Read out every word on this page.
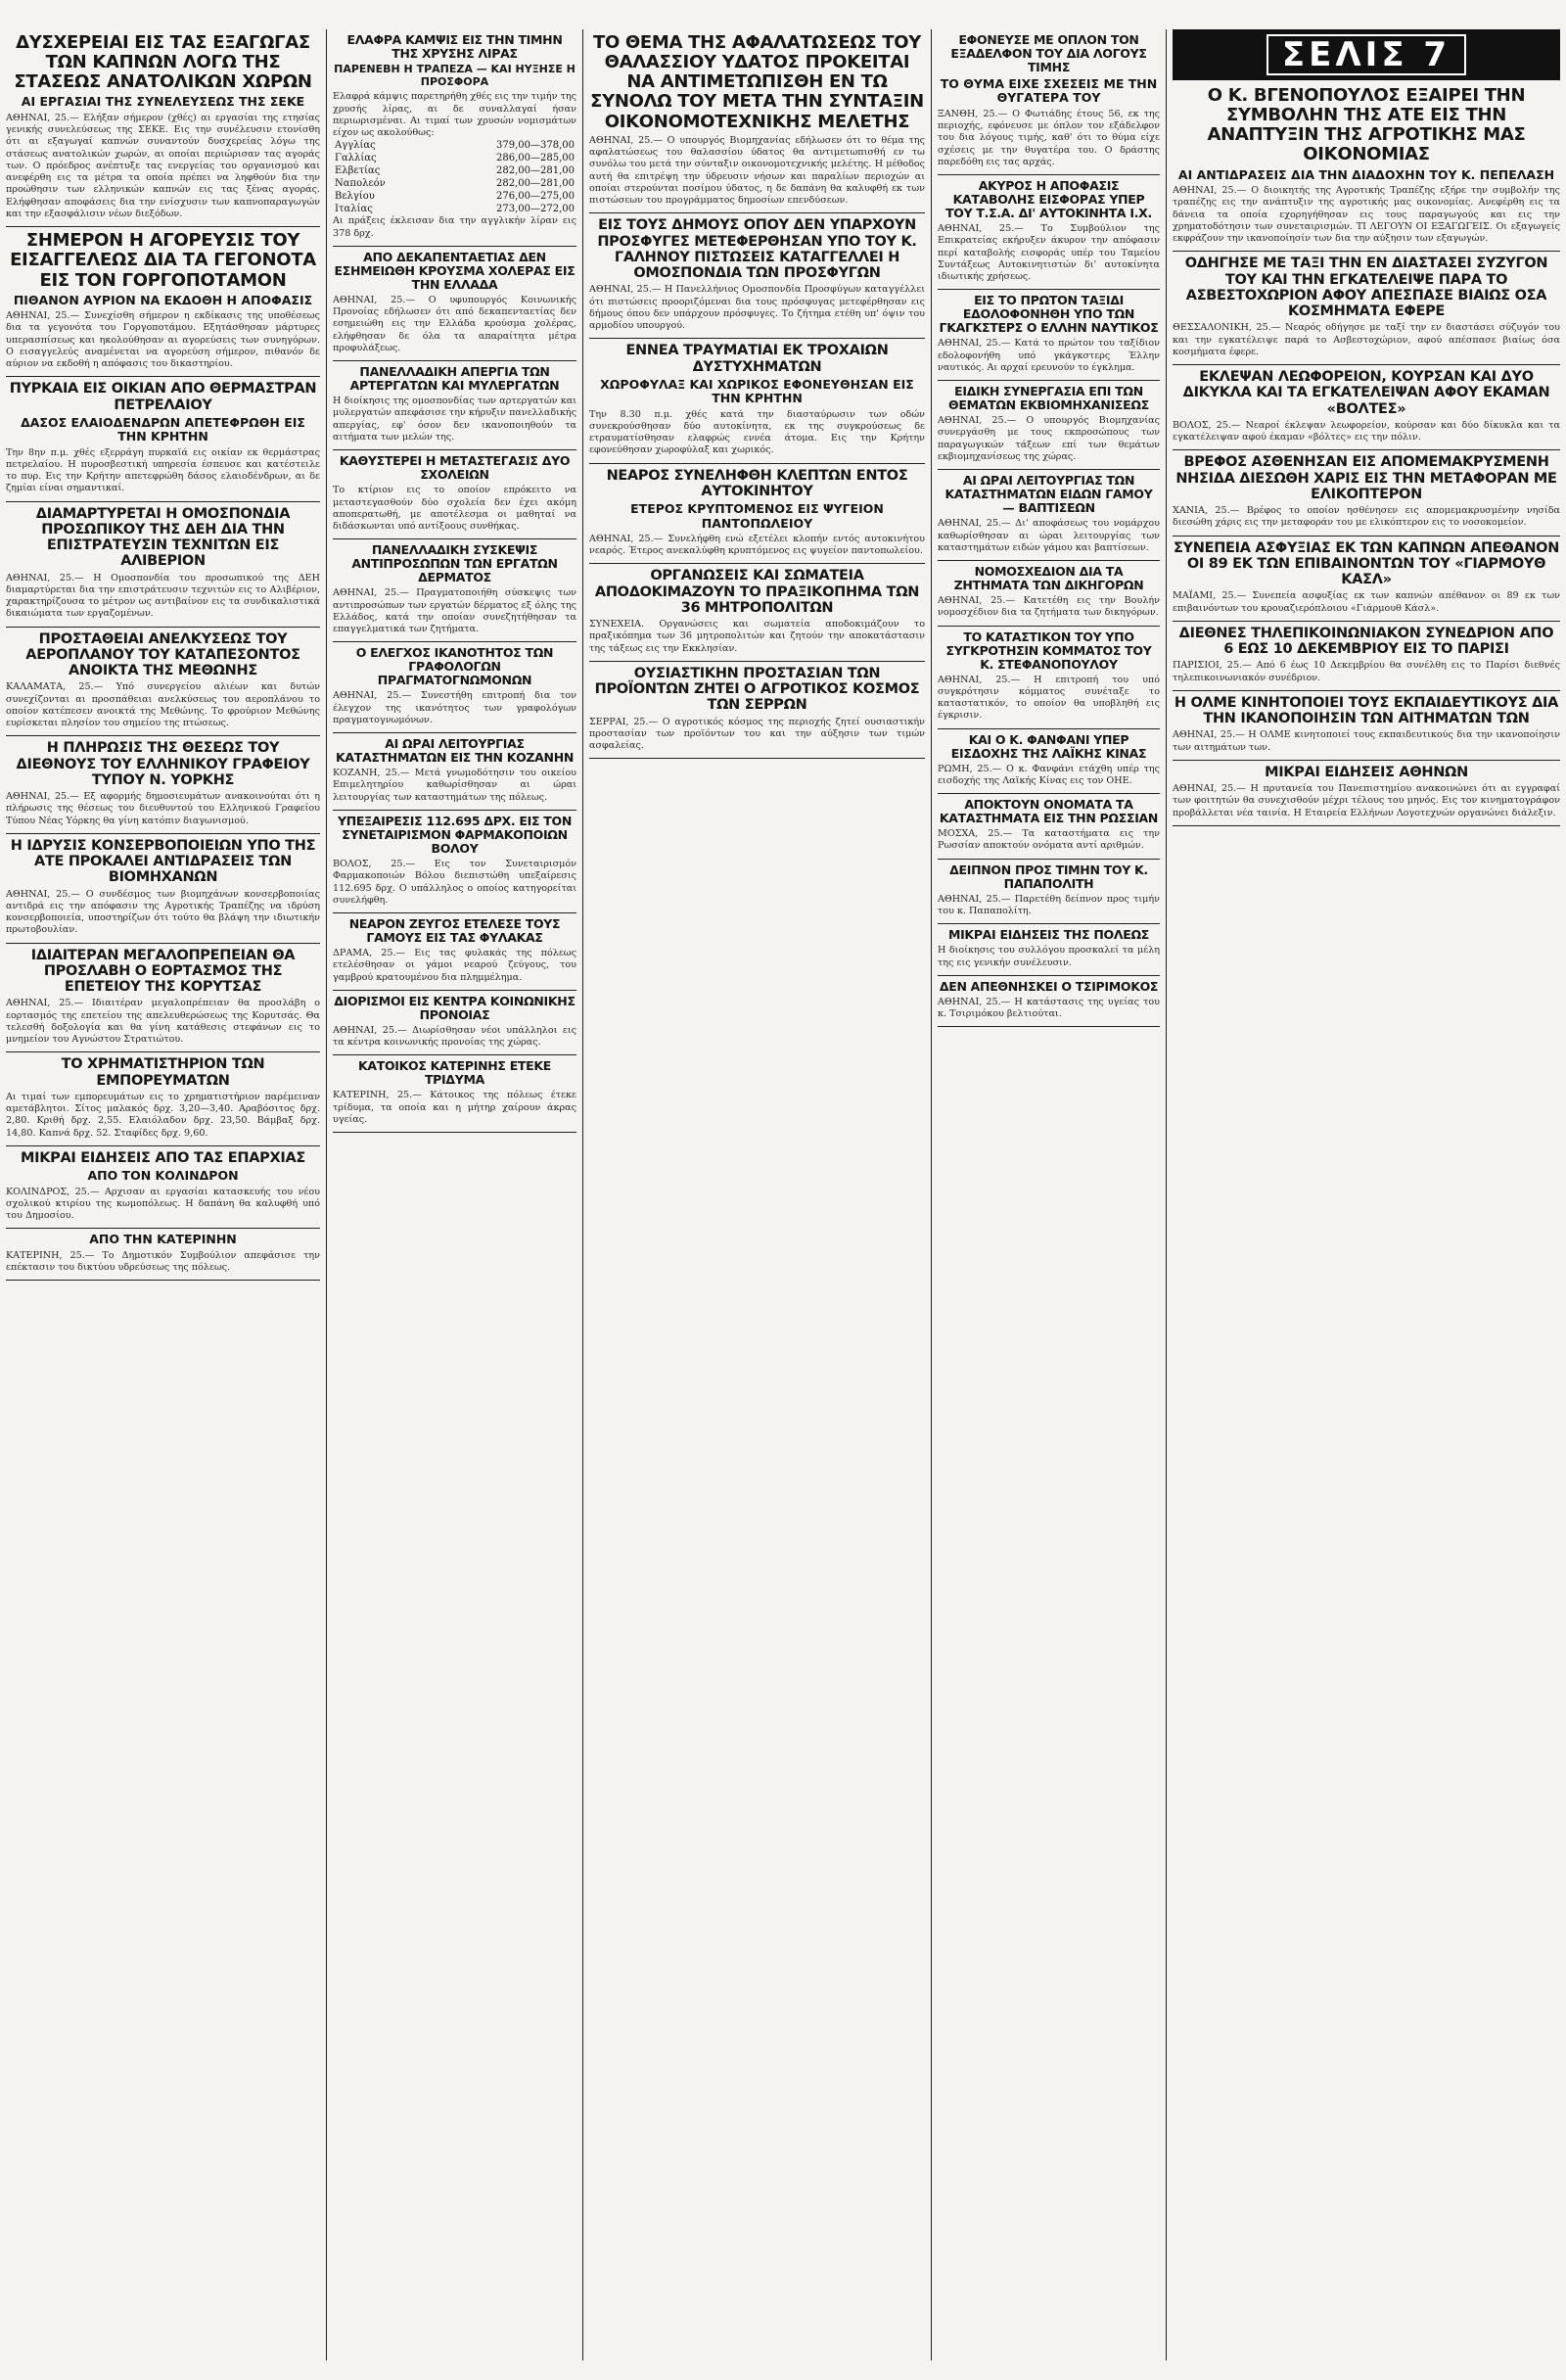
ΔΥΣΧΕΡΕΙΑΙ ΕΙΣ ΤΑΣ ΕΞΑΓΩΓΑΣ ΤΩΝ ΚΑΠΝΩΝ ΛΟΓΩ ΤΗΣ ΣΤΑΣΕΩΣ ΑΝΑΤΟΛΙΚΩΝ ΧΩΡΩΝ
ΑΙ ΕΡΓΑΣΙΑΙ ΤΗΣ ΣΥΝΕΛΕΥΣΕΩΣ ΤΗΣ ΣΕΚΕ

ΑΘΗΝΑΙ, 25.— Ελήξαν σήμερον (χθές) αι εργασίαι της ετησίας γενικής συνελεύσεως της ΣΕΚΕ. Εις την συνέλευσιν ετονίσθη ότι αι εξαγωγαί καπνών συναντούν δυσχερείας λόγω της στάσεως ανατολικών χωρών, αι οποίαι περιώρισαν τας αγοράς των. Ο πρόεδρος ανέπτυξε τας ενεργείας του οργανισμού και ανεφέρθη εις τα μέτρα τα οποία πρέπει να ληφθούν δια την προώθησιν των ελληνικών καπνών εις τας ξένας αγοράς. Ελήφθησαν αποφάσεις δια την ενίσχυσιν των καπνοπαραγωγών και την εξασφάλισιν νέων διεξόδων.

ΣΗΜΕΡΟΝ Η ΑΓΟΡΕΥΣΙΣ ΤΟΥ ΕΙΣΑΓΓΕΛΕΩΣ ΔΙΑ ΤΑ ΓΕΓΟΝΟΤΑ ΕΙΣ ΤΟΝ ΓΟΡΓΟΠΟΤΑΜΟΝ
ΠΙΘΑΝΟΝ ΑΥΡΙΟΝ ΝΑ ΕΚΔΟΘΗ Η ΑΠΟΦΑΣΙΣ

ΑΘΗΝΑΙ, 25.— Συνεχίσθη σήμερον η εκδίκασις της υποθέσεως δια τα γεγονότα του Γοργοποτάμου. Εξητάσθησαν μάρτυρες υπερασπίσεως και ηκολούθησαν αι αγορεύσεις των συνηγόρων. Ο εισαγγελεύς αναμένεται να αγορεύση σήμερον, πιθανόν δε αύριον να εκδοθή η απόφασις του δικαστηρίου.

ΠΥΡΚΑΙΑ ΕΙΣ ΟΙΚΙΑΝ ΑΠΟ ΘΕΡΜΑΣΤΡΑΝ ΠΕΤΡΕΛΑΙΟΥ
ΔΑΣΟΣ ΕΛΑΙΟΔΕΝΔΡΩΝ ΑΠΕΤΕΦΡΩΘΗ ΕΙΣ ΤΗΝ ΚΡΗΤΗΝ

Την 8ην π.μ. χθές εξερράγη πυρκαϊά εις οικίαν εκ θερμάστρας πετρελαίου. Η πυροσβεστική υπηρεσία έσπευσε και κατέστειλε το πυρ. Εις την Κρήτην απετεφρώθη δάσος ελαιοδένδρων, αι δε ζημίαι είναι σημαντικαί.

ΔΙΑΜΑΡΤΥΡΕΤΑΙ Η ΟΜΟΣΠΟΝΔΙΑ ΠΡΟΣΩΠΙΚΟΥ ΤΗΣ ΔΕΗ ΔΙΑ ΤΗΝ ΕΠΙΣΤΡΑΤΕΥΣΙΝ ΤΕΧΝΙΤΩΝ ΕΙΣ ΑΛΙΒΕΡΙΟΝ

ΑΘΗΝΑΙ, 25.— Η Ομοσπονδία του προσωπικού της ΔΕΗ διαμαρτύρεται δια την επιστράτευσιν τεχνιτών εις το Αλιβέριον, χαρακτηρίζουσα το μέτρον ως αντιβαίνον εις τα συνδικαλιστικά δικαιώματα των εργαζομένων.

ΠΡΟΣΤΑΘΕΙΑΙ ΑΝΕΛΚΥΣΕΩΣ ΤΟΥ ΑΕΡΟΠΛΑΝΟΥ ΤΟΥ ΚΑΤΑΠΕΣΟΝΤΟΣ ΑΝΟΙΚΤΑ ΤΗΣ ΜΕΘΩΝΗΣ

ΚΑΛΑΜΑΤΑ, 25.— Υπό συνεργείου αλιέων και δυτών συνεχίζονται αι προσπάθειαι ανελκύσεως του αεροπλάνου το οποίον κατέπεσεν ανοικτά της Μεθώνης. Το φρούριον Μεθώνης ευρίσκεται πλησίον του σημείου της πτώσεως.

Η ΠΛΗΡΩΣΙΣ ΤΗΣ ΘΕΣΕΩΣ ΤΟΥ ΔΙΕΘΝΟΥΣ ΤΟΥ ΕΛΛΗΝΙΚΟΥ ΓΡΑΦΕΙΟΥ ΤΥΠΟΥ Ν. ΥΟΡΚΗΣ

ΑΘΗΝΑΙ, 25.— Εξ αφορμής δημοσιευμάτων ανακοινούται ότι η πλήρωσις της θέσεως του διευθυντού του Ελληνικού Γραφείου Τύπου Νέας Υόρκης θα γίνη κατόπιν διαγωνισμού.

Η ΙΔΡΥΣΙΣ ΚΟΝΣΕΡΒΟΠΟΙΕΙΩΝ ΥΠΟ ΤΗΣ ΑΤΕ ΠΡΟΚΑΛΕΙ ΑΝΤΙΔΡΑΣΕΙΣ ΤΩΝ ΒΙΟΜΗΧΑΝΩΝ

ΑΘΗΝΑΙ, 25.— Ο συνδέσμος των βιομηχάνων κονσερβοποιίας αντιδρά εις την απόφασιν της Αγροτικής Τραπέζης να ιδρύση κονσερβοποιεία, υποστηρίζων ότι τούτο θα βλάψη την ιδιωτικήν πρωτοβουλίαν.

ΙΔΙΑΙΤΕΡΑΝ ΜΕΓΑΛΟΠΡΕΠΕΙΑΝ ΘΑ ΠΡΟΣΛΑΒΗ Ο ΕΟΡΤΑΣΜΟΣ ΤΗΣ ΕΠΕΤΕΙΟΥ ΤΗΣ ΚΟΡΥΤΣΑΣ

ΑΘΗΝΑΙ, 25.— Ιδιαιτέραν μεγαλοπρέπειαν θα προσλάβη ο εορτασμός της επετείου της απελευθερώσεως της Κορυτσάς. Θα τελεσθή δοξολογία και θα γίνη κατάθεσις στεφάνων εις το μνημείον του Αγνώστου Στρατιώτου.

ΤΟ ΧΡΗΜΑΤΙΣΤΗΡΙΟΝ ΤΩΝ ΕΜΠΟΡΕΥΜΑΤΩΝ

Αι τιμαί των εμπορευμάτων εις το χρηματιστήριον παρέμειναν αμετάβλητοι. Σίτος μαλακός δρχ. 3,20—3,40. Αραβόσιτος δρχ. 2,80. Κριθή δρχ. 2,55. Ελαιόλαδον δρχ. 23,50. Βάμβαξ δρχ. 14,80. Καπνά δρχ. 52. Σταφίδες δρχ. 9,60.

ΜΙΚΡΑΙ ΕΙΔΗΣΕΙΣ ΑΠΟ ΤΑΣ ΕΠΑΡΧΙΑΣ
ΑΠΟ ΤΟΝ ΚΟΛΙΝΔΡΟΝ

ΚΟΛΙΝΔΡΟΣ, 25.— Αρχισαν αι εργασίαι κατασκευής του νέου σχολικού κτιρίου της κωμοπόλεως. Η δαπάνη θα καλυφθή υπό του Δημοσίου.

ΑΠΟ ΤΗΝ ΚΑΤΕΡΙΝΗΝ

ΚΑΤΕΡΙΝΗ, 25.— Το Δημοτικόν Συμβούλιον απεφάσισε την επέκτασιν του δικτύου υδρεύσεως της πόλεως.

ΕΛΑΦΡΑ ΚΑΜΨΙΣ ΕΙΣ ΤΗΝ ΤΙΜΗΝ ΤΗΣ ΧΡΥΣΗΣ ΛΙΡΑΣ
ΠΑΡΕΝΕΒΗ Η ΤΡΑΠΕΖΑ — ΚΑΙ ΗΥΞΗΣΕ Η ΠΡΟΣΦΟΡΑ

Ελαφρά κάμψις παρετηρήθη χθές εις την τιμήν της χρυσής λίρας, αι δε συναλλαγαί ήσαν περιωρισμέναι. Αι τιμαί των χρυσών νομισμάτων είχον ως ακολούθως:

Αγγλίας	379,00—378,00
Γαλλίας	286,00—285,00
Ελβετίας	282,00—281,00
Ναπολεόν	282,00—281,00
Βελγίου	276,00—275,00
Ιταλίας	273,00—272,00

Αι πράξεις έκλεισαν δια την αγγλικήν λίραν εις 378 δρχ.

ΑΠΟ ΔΕΚΑΠΕΝΤΑΕΤΙΑΣ ΔΕΝ ΕΣΗΜΕΙΩΘΗ ΚΡΟΥΣΜΑ ΧΟΛΕΡΑΣ ΕΙΣ ΤΗΝ ΕΛΛΑΔΑ

ΑΘΗΝΑΙ, 25.— Ο υφυπουργός Κοινωνικής Προνοίας εδήλωσεν ότι από δεκαπενταετίας δεν εσημειώθη εις την Ελλάδα κρούσμα χολέρας, ελήφθησαν δε όλα τα απαραίτητα μέτρα προφυλάξεως.

ΠΑΝΕΛΛΑΔΙΚΗ ΑΠΕΡΓΙΑ ΤΩΝ ΑΡΤΕΡΓΑΤΩΝ ΚΑΙ ΜΥΛΕΡΓΑΤΩΝ

Η διοίκησις της ομοσπονδίας των αρτεργατών και μυλεργατών απεφάσισε την κήρυξιν πανελλαδικής απεργίας, εφ' όσον δεν ικανοποιηθούν τα αιτήματα των μελών της.

ΚΑΘΥΣΤΕΡΕΙ Η ΜΕΤΑΣΤΕΓΑΣΙΣ ΔΥΟ ΣΧΟΛΕΙΩΝ

Το κτίριον εις το οποίον επρόκειτο να μεταστεγασθούν δύο σχολεία δεν έχει ακόμη αποπερατωθή, με αποτέλεσμα οι μαθηταί να διδάσκωνται υπό αντίξοους συνθήκας.

ΠΑΝΕΛΛΑΔΙΚΗ ΣΥΣΚΕΨΙΣ ΑΝΤΙΠΡΟΣΩΠΩΝ ΤΩΝ ΕΡΓΑΤΩΝ ΔΕΡΜΑΤΟΣ

ΑΘΗΝΑΙ, 25.— Πραγματοποιήθη σύσκεψις των αντιπροσώπων των εργατών δέρματος εξ όλης της Ελλάδος, κατά την οποίαν συνεζητήθησαν τα επαγγελματικά των ζητήματα.

Ο ΕΛΕΓΧΟΣ ΙΚΑΝΟΤΗΤΟΣ ΤΩΝ ΓΡΑΦΟΛΟΓΩΝ ΠΡΑΓΜΑΤΟΓΝΩΜΟΝΩΝ

ΑΘΗΝΑΙ, 25.— Συνεστήθη επιτροπή δια τον έλεγχον της ικανότητος των γραφολόγων πραγματογνωμόνων.

ΑΙ ΩΡΑΙ ΛΕΙΤΟΥΡΓΙΑΣ ΚΑΤΑΣΤΗΜΑΤΩΝ ΕΙΣ ΤΗΝ ΚΟΖΑΝΗΝ

ΚΟΖΑΝΗ, 25.— Μετά γνωμοδότησιν του οικείου Επιμελητηρίου καθωρίσθησαν αι ώραι λειτουργίας των καταστημάτων της πόλεως.

ΥΠΕΞΑΙΡΕΣΙΣ 112.695 ΔΡΧ. ΕΙΣ ΤΟΝ ΣΥΝΕΤΑΙΡΙΣΜΟΝ ΦΑΡΜΑΚΟΠΟΙΩΝ ΒΟΛΟΥ

ΒΟΛΟΣ, 25.— Εις τον Συνεταιρισμόν Φαρμακοποιών Βόλου διεπιστώθη υπεξαίρεσις 112.695 δρχ. Ο υπάλληλος ο οποίος κατηγορείται συνελήφθη.

ΝΕΑΡΟΝ ΖΕΥΓΟΣ ΕΤΕΛΕΣΕ ΤΟΥΣ ΓΑΜΟΥΣ ΕΙΣ ΤΑΣ ΦΥΛΑΚΑΣ

ΔΡΑΜΑ, 25.— Εις τας φυλακάς της πόλεως ετελέσθησαν οι γάμοι νεαρού ζεύγους, του γαμβρού κρατουμένου δια πλημμέλημα.

ΔΙΟΡΙΣΜΟΙ ΕΙΣ ΚΕΝΤΡΑ ΚΟΙΝΩΝΙΚΗΣ ΠΡΟΝΟΙΑΣ

ΑΘΗΝΑΙ, 25.— Διωρίσθησαν νέοι υπάλληλοι εις τα κέντρα κοινωνικής προνοίας της χώρας.

ΚΑΤΟΙΚΟΣ ΚΑΤΕΡΙΝΗΣ ΕΤΕΚΕ ΤΡΙΔΥΜΑ

ΚΑΤΕΡΙΝΗ, 25.— Κάτοικος της πόλεως έτεκε τρίδυμα, τα οποία και η μήτηρ χαίρουν άκρας υγείας.

ΤΟ ΘΕΜΑ ΤΗΣ ΑΦΑΛΑΤΩΣΕΩΣ ΤΟΥ ΘΑΛΑΣΣΙΟΥ ΥΔΑΤΟΣ ΠΡΟΚΕΙΤΑΙ ΝΑ ΑΝΤΙΜΕΤΩΠΙΣΘΗ ΕΝ ΤΩ ΣΥΝΟΛΩ ΤΟΥ ΜΕΤΑ ΤΗΝ ΣΥΝΤΑΞΙΝ ΟΙΚΟΝΟΜΟΤΕΧΝΙΚΗΣ ΜΕΛΕΤΗΣ

ΑΘΗΝΑΙ, 25.— Ο υπουργός Βιομηχανίας εδήλωσεν ότι το θέμα της αφαλατώσεως του θαλασσίου ύδατος θα αντιμετωπισθή εν τω συνόλω του μετά την σύνταξιν οικονομοτεχνικής μελέτης. Η μέθοδος αυτή θα επιτρέψη την ύδρευσιν νήσων και παραλίων περιοχών αι οποίαι στερούνται ποσίμου ύδατος, η δε δαπάνη θα καλυφθή εκ των πιστώσεων του προγράμματος δημοσίων επενδύσεων.

ΕΙΣ ΤΟΥΣ ΔΗΜΟΥΣ ΟΠΟΥ ΔΕΝ ΥΠΑΡΧΟΥΝ ΠΡΟΣΦΥΓΕΣ ΜΕΤΕΦΕΡΘΗΣΑΝ ΥΠΟ ΤΟΥ Κ. ΓΑΛΗΝΟΥ ΠΙΣΤΩΣΕΙΣ ΚΑΤΑΓΓΕΛΛΕΙ Η ΟΜΟΣΠΟΝΔΙΑ ΤΩΝ ΠΡΟΣΦΥΓΩΝ

ΑΘΗΝΑΙ, 25.— Η Πανελλήνιος Ομοσπονδία Προσφύγων καταγγέλλει ότι πιστώσεις προοριζόμεναι δια τους πρόσφυγας μετεφέρθησαν εις δήμους όπου δεν υπάρχουν πρόσφυγες. Το ζήτημα ετέθη υπ' όψιν του αρμοδίου υπουργού.

ΕΝΝΕΑ ΤΡΑΥΜΑΤΙΑΙ ΕΚ ΤΡΟΧΑΙΩΝ ΔΥΣΤΥΧΗΜΑΤΩΝ
ΧΩΡΟΦΥΛΑΞ ΚΑΙ ΧΩΡΙΚΟΣ ΕΦΟΝΕΥΘΗΣΑΝ ΕΙΣ ΤΗΝ ΚΡΗΤΗΝ

Την 8.30 π.μ. χθές κατά την διασταύρωσιν των οδών συνεκρούσθησαν δύο αυτοκίνητα, εκ της συγκρούσεως δε ετραυματίσθησαν ελαφρώς εννέα άτομα. Εις την Κρήτην εφονεύθησαν χωροφύλαξ και χωρικός.

ΝΕΑΡΟΣ ΣΥΝΕΛΗΦΘΗ ΚΛΕΠΤΩΝ ΕΝΤΟΣ ΑΥΤΟΚΙΝΗΤΟΥ
ΕΤΕΡΟΣ ΚΡΥΠΤΟΜΕΝΟΣ ΕΙΣ ΨΥΓΕΙΟΝ ΠΑΝΤΟΠΩΛΕΙΟΥ

ΑΘΗΝΑΙ, 25.— Συνελήφθη ενώ εξετέλει κλοπήν εντός αυτοκινήτου νεαρός. Έτερος ανεκαλύφθη κρυπτόμενος εις ψυγείον παντοπωλείου.

ΟΡΓΑΝΩΣΕΙΣ ΚΑΙ ΣΩΜΑΤΕΙΑ ΑΠΟΔΟΚΙΜΑΖΟΥΝ ΤΟ ΠΡΑΞΙΚΟΠΗΜΑ ΤΩΝ 36 ΜΗΤΡΟΠΟΛΙΤΩΝ

ΣΥΝΕΧΕΙΑ. Οργανώσεις και σωματεία αποδοκιμάζουν το πραξικόπημα των 36 μητροπολιτών και ζητούν την αποκατάστασιν της τάξεως εις την Εκκλησίαν.

ΟΥΣΙΑΣΤΙΚΗΝ ΠΡΟΣΤΑΣΙΑΝ ΤΩΝ ΠΡΟΪΟΝΤΩΝ ΖΗΤΕΙ Ο ΑΓΡΟΤΙΚΟΣ ΚΟΣΜΟΣ ΤΩΝ ΣΕΡΡΩΝ

ΣΕΡΡΑΙ, 25.— Ο αγροτικός κόσμος της περιοχής ζητεί ουσιαστικήν προστασίαν των προϊόντων του και την αύξησιν των τιμών ασφαλείας.

ΕΦΟΝΕΥΣΕ ΜΕ ΟΠΛΟΝ ΤΟΝ ΕΞΑΔΕΛΦΟΝ ΤΟΥ ΔΙΑ ΛΟΓΟΥΣ ΤΙΜΗΣ
ΤΟ ΘΥΜΑ ΕΙΧΕ ΣΧΕΣΕΙΣ ΜΕ ΤΗΝ ΘΥΓΑΤΕΡΑ ΤΟΥ

ΞΑΝΘΗ, 25.— Ο Φωτιάδης έτους 56, εκ της περιοχής, εφόνευσε με όπλον τον εξάδελφον του δια λόγους τιμής, καθ' ότι το θύμα είχε σχέσεις με την θυγατέρα του. Ο δράστης παρεδόθη εις τας αρχάς.

ΑΚΥΡΟΣ Η ΑΠΟΦΑΣΙΣ ΚΑΤΑΒΟΛΗΣ ΕΙΣΦΟΡΑΣ ΥΠΕΡ ΤΟΥ Τ.Σ.Α. ΔΙ' ΑΥΤΟΚΙΝΗΤΑ Ι.Χ.

ΑΘΗΝΑΙ, 25.— Το Συμβούλιον της Επικρατείας εκήρυξεν άκυρον την απόφασιν περί καταβολής εισφοράς υπέρ του Ταμείου Συντάξεως Αυτοκινητιστών δι' αυτοκίνητα ιδιωτικής χρήσεως.

ΕΙΣ ΤΟ ΠΡΩΤΟΝ ΤΑΞΙΔΙ ΕΔΟΛΟΦΟΝΗΘΗ ΥΠΟ ΤΩΝ ΓΚΑΓΚΣΤΕΡΣ Ο ΕΛΛΗΝ ΝΑΥΤΙΚΟΣ

ΑΘΗΝΑΙ, 25.— Κατά το πρώτον του ταξίδιον εδολοφονήθη υπό γκάγκστερς Έλλην ναυτικός. Αι αρχαί ερευνούν το έγκλημα.

ΕΙΔΙΚΗ ΣΥΝΕΡΓΑΣΙΑ ΕΠΙ ΤΩΝ ΘΕΜΑΤΩΝ ΕΚΒΙΟΜΗΧΑΝΙΣΕΩΣ

ΑΘΗΝΑΙ, 25.— Ο υπουργός Βιομηχανίας συνεργάσθη με τους εκπροσώπους των παραγωγικών τάξεων επί των θεμάτων εκβιομηχανίσεως της χώρας.

ΑΙ ΩΡΑΙ ΛΕΙΤΟΥΡΓΙΑΣ ΤΩΝ ΚΑΤΑΣΤΗΜΑΤΩΝ ΕΙΔΩΝ ΓΑΜΟΥ — ΒΑΠΤΙΣΕΩΝ

ΑΘΗΝΑΙ, 25.— Δι' αποφάσεως του νομάρχου καθωρίσθησαν αι ώραι λειτουργίας των καταστημάτων ειδών γάμου και βαπτίσεων.

ΝΟΜΟΣΧΕΔΙΟΝ ΔΙΑ ΤΑ ΖΗΤΗΜΑΤΑ ΤΩΝ ΔΙΚΗΓΟΡΩΝ

ΑΘΗΝΑΙ, 25.— Κατετέθη εις την Βουλήν νομοσχέδιον δια τα ζητήματα των δικηγόρων.

ΤΟ ΚΑΤΑΣΤΙΚΟΝ ΤΟΥ ΥΠΟ ΣΥΓΚΡΟΤΗΣΙΝ ΚΟΜΜΑΤΟΣ ΤΟΥ Κ. ΣΤΕΦΑΝΟΠΟΥΛΟΥ

ΑΘΗΝΑΙ, 25.— Η επιτροπή του υπό συγκρότησιν κόμματος συνέταξε το καταστατικόν, το οποίον θα υποβληθή εις έγκρισιν.

ΚΑΙ Ο Κ. ΦΑΝΦΑΝΙ ΥΠΕΡ ΕΙΣΔΟΧΗΣ ΤΗΣ ΛΑΪΚΗΣ ΚΙΝΑΣ

ΡΩΜΗ, 25.— Ο κ. Φανφάνι ετάχθη υπέρ της εισδοχής της Λαϊκής Κίνας εις τον ΟΗΕ.

ΑΠΟΚΤΟΥΝ ΟΝΟΜΑΤΑ ΤΑ ΚΑΤΑΣΤΗΜΑΤΑ ΕΙΣ ΤΗΝ ΡΩΣΣΙΑΝ

ΜΟΣΧΑ, 25.— Τα καταστήματα εις την Ρωσσίαν αποκτούν ονόματα αντί αριθμών.

ΔΕΙΠΝΟΝ ΠΡΟΣ ΤΙΜΗΝ ΤΟΥ Κ. ΠΑΠΑΠΟΛΙΤΗ

ΑΘΗΝΑΙ, 25.— Παρετέθη δείπνον προς τιμήν του κ. Παπαπολίτη.

ΜΙΚΡΑΙ ΕΙΔΗΣΕΙΣ ΤΗΣ ΠΟΛΕΩΣ

Η διοίκησις του συλλόγου προσκαλεί τα μέλη της εις γενικήν συνέλευσιν.

ΔΕΝ ΑΠΕΘΝΗΣΚΕΙ Ο ΤΣΙΡΙΜΟΚΟΣ

ΑΘΗΝΑΙ, 25.— Η κατάστασις της υγείας του κ. Τσιριμόκου βελτιούται.

ΣΕΛΙΣ 7
Ο Κ. ΒΓΕΝΟΠΟΥΛΟΣ ΕΞΑΙΡΕΙ ΤΗΝ ΣΥΜΒΟΛΗΝ ΤΗΣ ΑΤΕ ΕΙΣ ΤΗΝ ΑΝΑΠΤΥΞΙΝ ΤΗΣ ΑΓΡΟΤΙΚΗΣ ΜΑΣ ΟΙΚΟΝΟΜΙΑΣ
ΑΙ ΑΝΤΙΔΡΑΣΕΙΣ ΔΙΑ ΤΗΝ ΔΙΑΔΟΧΗΝ ΤΟΥ Κ. ΠΕΠΕΛΑΣΗ

ΑΘΗΝΑΙ, 25.— Ο διοικητής της Αγροτικής Τραπέζης εξήρε την συμβολήν της τραπέζης εις την ανάπτυξιν της αγροτικής μας οικονομίας. Ανεφέρθη εις τα δάνεια τα οποία εχορηγήθησαν εις τους παραγωγούς και εις την χρηματοδότησιν των συνεταιρισμών. ΤΙ ΛΕΓΟΥΝ ΟΙ ΕΞΑΓΩΓΕΙΣ. Οι εξαγωγείς εκφράζουν την ικανοποίησίν των δια την αύξησιν των εξαγωγών.

ΟΔΗΓΗΣΕ ΜΕ ΤΑΞΙ ΤΗΝ ΕΝ ΔΙΑΣΤΑΣΕΙ ΣΥΖΥΓΟΝ ΤΟΥ ΚΑΙ ΤΗΝ ΕΓΚΑΤΕΛΕΙΨΕ ΠΑΡΑ ΤΟ ΑΣΒΕΣΤΟΧΩΡΙΟΝ ΑΦΟΥ ΑΠΕΣΠΑΣΕ ΒΙΑΙΩΣ ΟΣΑ ΚΟΣΜΗΜΑΤΑ ΕΦΕΡΕ

ΘΕΣΣΑΛΟΝΙΚΗ, 25.— Νεαρός οδήγησε με ταξί την εν διαστάσει σύζυγόν του και την εγκατέλειψε παρά το Ασβεστοχώριον, αφού απέσπασε βιαίως όσα κοσμήματα έφερε.

ΕΚΛΕΨΑΝ ΛΕΩΦΟΡΕΙΟΝ, ΚΟΥΡΣΑΝ ΚΑΙ ΔΥΟ ΔΙΚΥΚΛΑ ΚΑΙ ΤΑ ΕΓΚΑΤΕΛΕΙΨΑΝ ΑΦΟΥ ΕΚΑΜΑΝ «ΒΟΛΤΕΣ»

ΒΟΛΟΣ, 25.— Νεαροί έκλεψαν λεωφορείον, κούρσαν και δύο δίκυκλα και τα εγκατέλειψαν αφού έκαμαν «βόλτες» εις την πόλιν.

ΒΡΕΦΟΣ ΑΣΘΕΝΗΣΑΝ ΕΙΣ ΑΠΟΜΕΜΑΚΡΥΣΜΕΝΗ ΝΗΣΙΔΑ ΔΙΕΣΩΘΗ ΧΑΡΙΣ ΕΙΣ ΤΗΝ ΜΕΤΑΦΟΡΑΝ ΜΕ ΕΛΙΚΟΠΤΕΡΟΝ

ΧΑΝΙΑ, 25.— Βρέφος το οποίον ησθένησεν εις απομεμακρυσμένην νησίδα διεσώθη χάρις εις την μεταφοράν του με ελικόπτερον εις το νοσοκομείον.

ΣΥΝΕΠΕΙΑ ΑΣΦΥΞΙΑΣ ΕΚ ΤΩΝ ΚΑΠΝΩΝ ΑΠΕΘΑΝΟΝ ΟΙ 89 ΕΚ ΤΩΝ ΕΠΙΒΑΙΝΟΝΤΩΝ ΤΟΥ «ΓΙΑΡΜΟΥΘ ΚΑΣΛ»

ΜΑΪΑΜΙ, 25.— Συνεπεία ασφυξίας εκ των καπνών απέθανον οι 89 εκ των επιβαινόντων του κρουαζιερόπλοιου «Γιάρμουθ Κάσλ».

ΔΙΕΘΝΕΣ ΤΗΛΕΠΙΚΟΙΝΩΝΙΑΚΟΝ ΣΥΝΕΔΡΙΟΝ ΑΠΟ 6 ΕΩΣ 10 ΔΕΚΕΜΒΡΙΟΥ ΕΙΣ ΤΟ ΠΑΡΙΣΙ

ΠΑΡΙΣΙΟΙ, 25.— Από 6 έως 10 Δεκεμβρίου θα συνέλθη εις το Παρίσι διεθνές τηλεπικοινωνιακόν συνέδριον.

Η ΟΛΜΕ ΚΙΝΗΤΟΠΟΙΕΙ ΤΟΥΣ ΕΚΠΑΙΔΕΥΤΙΚΟΥΣ ΔΙΑ ΤΗΝ ΙΚΑΝΟΠΟΙΗΣΙΝ ΤΩΝ ΑΙΤΗΜΑΤΩΝ ΤΩΝ

ΑΘΗΝΑΙ, 25.— Η ΟΛΜΕ κινητοποιεί τους εκπαιδευτικούς δια την ικανοποίησιν των αιτημάτων των.

ΜΙΚΡΑΙ ΕΙΔΗΣΕΙΣ ΑΘΗΝΩΝ

ΑΘΗΝΑΙ, 25.— Η πρυτανεία του Πανεπιστημίου ανακοινώνει ότι αι εγγραφαί των φοιτητών θα συνεχισθούν μέχρι τέλους του μηνός. Εις τον κινηματογράφον προβάλλεται νέα ταινία. Η Εταιρεία Ελλήνων Λογοτεχνών οργανώνει διάλεξιν.
